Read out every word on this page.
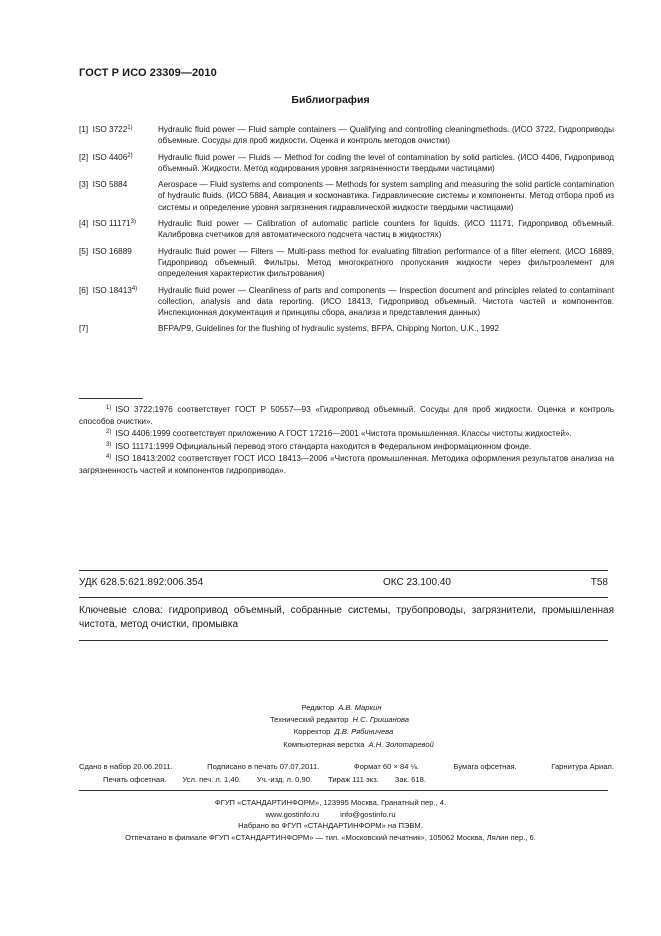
ГОСТ Р ИСО 23309—2010
Библиография
[1] ISO 3722$^{1)}$	Hydraulic fluid power — Fluid sample containers — Qualifying and controlling cleaningmethods. (ИСО 3722, Гидроприводы объемные. Сосуды для проб жидкости. Оценка и контроль методов очистки)
[2] ISO 4406$^{2)}$	Hydraulic fluid power — Fluids — Method for coding the level of contamination by solid particles. (ИСО 4406, Гидропривод объемный. Жидкости. Метод кодирования уровня загрязненности твердыми частицами)
[3] ISO 5884	Aerospace — Fluid systems and components — Methods for system sampling and measuring the solid particle contamination of hydraulic fluids. (ИСО 5884, Авиация и космонавтика. Гидравлические системы и компоненты. Метод отбора проб из системы и определение уровня загрязнения гидравлической жидкости твердыми частицами)
[4] ISO 11171$^{3)}$	Hydraulic fluid power — Calibration of automatic particle counters for liquids. (ИСО 11171, Гидропривод объемный. Калибровка счетчиков для автоматического подсчета частиц в жидкостях)
[5] ISO 16889	Hydraulic fluid power — Filters — Multi-pass method for evaluating filtration performance of a filter element. (ИСО 16889, Гидропривод объемный. Фильтры. Метод многократного пропускания жидкости через фильтроэлемент для определения характеристик фильтрования)
[6] ISO 18413$^{4)}$	Hydraulic fluid power — Cleanliness of parts and components — Inspection document and principles related to contaminant collection, analysis and data reporting. (ИСО 18413, Гидропривод объемный. Чистота частей и компонентов. Инспекционная документация и принципы сбора, анализа и представления данных)
[7]	BFPA/P9, Guidelines for the flushing of hydraulic systems, BFPA, Chipping Norton, U.K., 1992
$^{1)}$ ISO 3722:1976 соответствует ГОСТ Р 50557—93 «Гидропривод объемный. Сосуды для проб жидкости. Оценка и контроль способов очистки».
$^{2)}$ ISO 4406:1999 соответствует приложению А ГОСТ 17216—2001 «Чистота промышленная. Классы чистоты жидкостей».
$^{3)}$ ISO 11171:1999 Официальный перевод этого стандарта находится в Федеральном информационном фонде.
$^{4)}$ ISO 18413:2002 соответствует ГОСТ ИСО 18413—2006 «Чистота промышленная. Методика оформления результатов анализа на загрязненность частей и компонентов гидропривода».
УДК 628.5:621.892:006.354	ОКС 23.100.40	Т58
Ключевые слова: гидропривод объемный, собранные системы, трубопроводы, загрязнители, промышленная чистота, метод очистки, промывка
Редактор А.В. Маркин
Технический редактор Н.С. Гришанова
Корректор Д.В. Рябиничева
Компьютерная верстка А.Н. Золотаревой
Сдано в набор 20.06.2011.	Подписано в печать 07.07.2011.	Формат 60 × 84 ⅛.	Бумага офсетная.	Гарнитура Ариал.
Печать офсетная. Усл. печ. л. 1,40. Уч.-изд. л. 0,90. Тираж 111 экз. Зак. 618.
ФГУП «СТАНДАРТИНФОРМ», 123995 Москва, Гранатный пер., 4.
www.gostinfo.ru          info@gostinfo.ru
Набрано во ФГУП «СТАНДАРТИНФОРМ» на ПЭВМ.
Отпечатано в филиале ФГУП «СТАНДАРТИНФОРМ» — тип. «Московский печатник», 105062 Москва, Лялин пер., 6.
